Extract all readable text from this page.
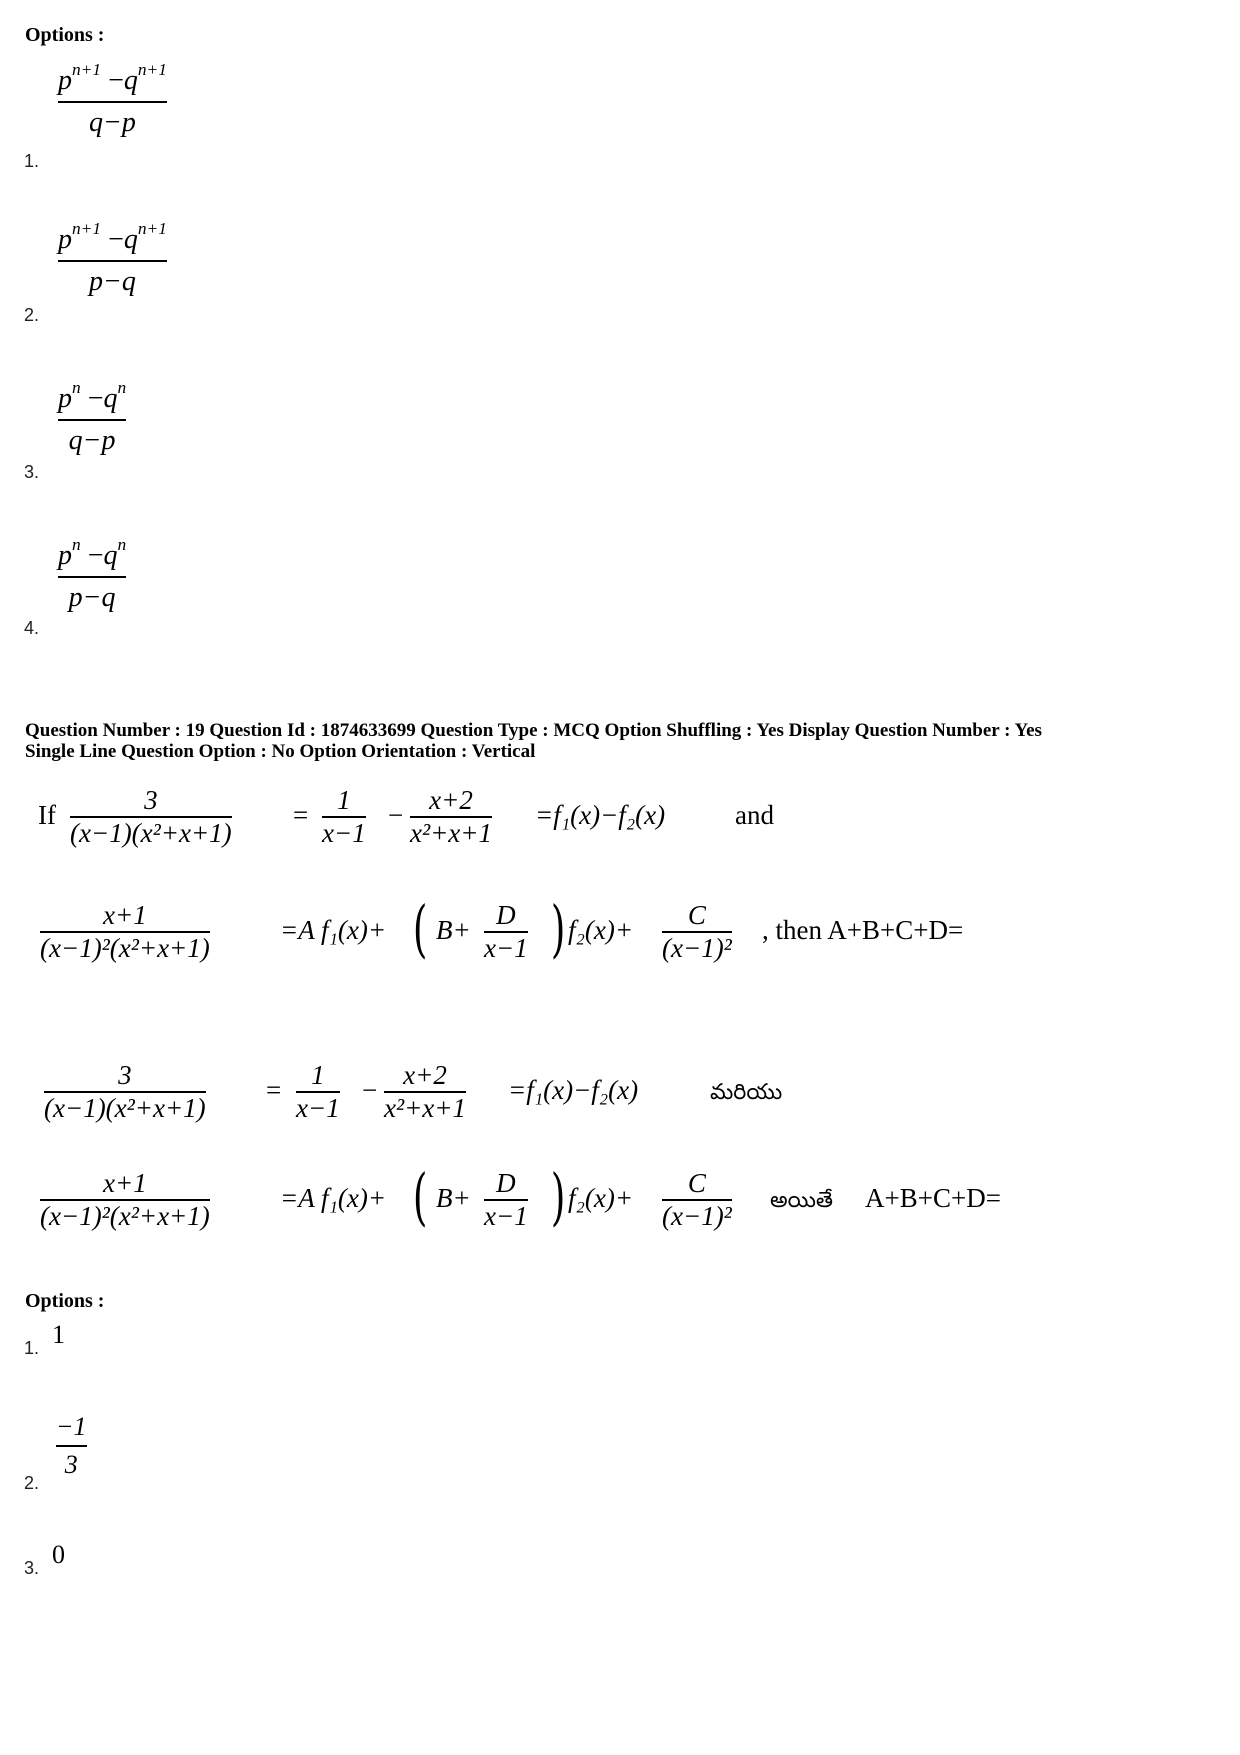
Options :
1.
$p^{n+1} -q^{n+1}$
q−p
2.
$p^{n+1} -q^{n+1}$
p−q
3.
$p^n -q^n$
q−p
4.
$p^n -q^n$
p−q
Question Number : 19 Question Id : 1874633699 Question Type : MCQ Option Shuffling : Yes Display Question Number : Yes
Single Line Question Option : No Option Orientation : Vertical
If	3
(x−1)(x²+x+1)
= 1
x−1
− x+2
x²+x+1
=f₁(x)−f₂(x)	and
x+1
(x−1)²(x²+x+1)
=A f₁(x)+ ( B+ D
x−1 ) f₂(x)+ C
(x−1)²
, then A+B+C+D=
3
(x−1)(x²+x+1)
= 1
x−1
− x+2
x²+x+1
=f₁(x)−f₂(x)	మరియు
x+1
(x−1)²(x²+x+1)
=A f₁(x)+ ( B+ D
x−1 ) f₂(x)+ C
(x−1)² అయితే A+B+C+D=
Options :
1. 1
2.
−1
3
3. 0
